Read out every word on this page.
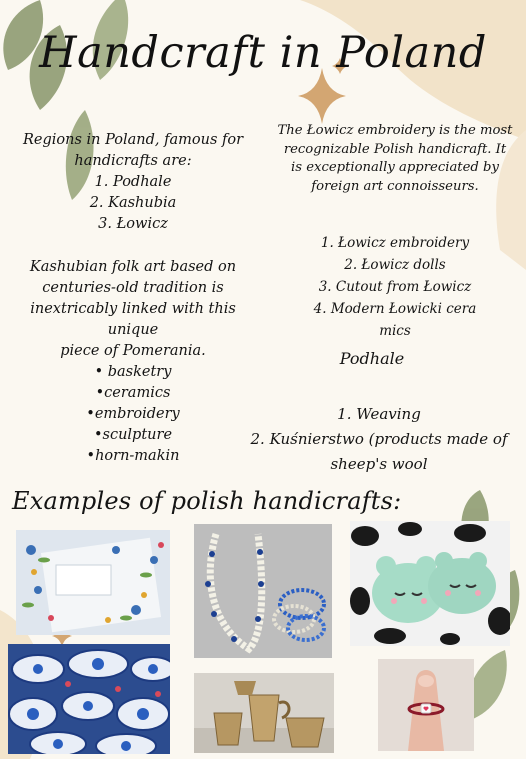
Handcraft in Poland
Regions in Poland, famous for
handicrafts are:
1. Podhale
2. Kashubia
3. Łowicz
Kashubian folk art based on
centuries-old tradition is
inextricably linked with this unique
piece of Pomerania.
• basketry
•ceramics
•embroidery
•sculpture
•horn-makin
The Łowicz embroidery is the most
recognizable Polish handicraft. It
is exceptionally appreciated by
foreign art connoisseurs.
1. Łowicz embroidery
2. Łowicz dolls
3. Cutout from Łowicz
4. Modern Łowicki cera
mics
Podhale
1. Weaving
2. Kuśnierstwo (products made of
sheep's wool
Examples of polish handicrafts:
